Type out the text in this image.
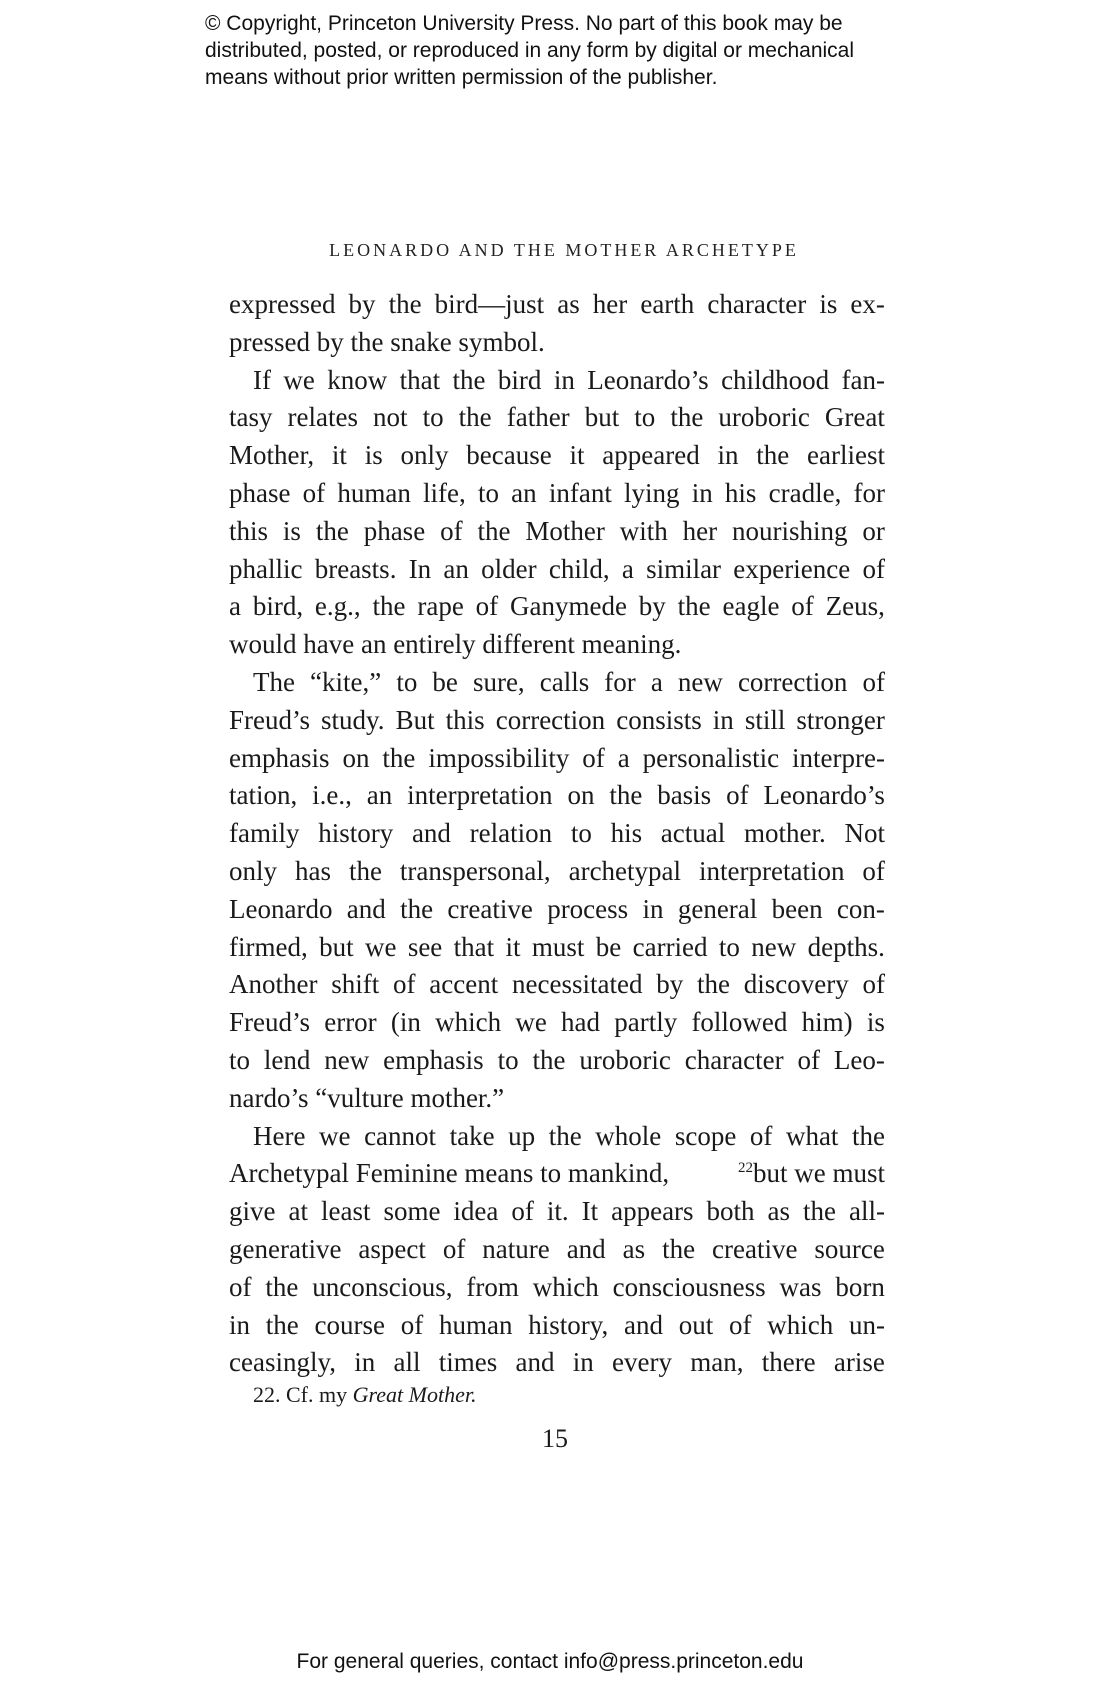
© Copyright, Princeton University Press. No part of this book may be
distributed, posted, or reproduced in any form by digital or mechanical
means without prior written permission of the publisher.
LEONARDO AND THE MOTHER ARCHETYPE
expressed by the bird—just as her earth character is ex-
pressed by the snake symbol.
If we know that the bird in Leonardo’s childhood fan-
tasy relates not to the father but to the uroboric Great
Mother, it is only because it appeared in the earliest
phase of human life, to an infant lying in his cradle, for
this is the phase of the Mother with her nourishing or
phallic breasts. In an older child, a similar experience of
a bird, e.g., the rape of Ganymede by the eagle of Zeus,
would have an entirely different meaning.
The “kite,” to be sure, calls for a new correction of
Freud’s study. But this correction consists in still stronger
emphasis on the impossibility of a personalistic interpre-
tation, i.e., an interpretation on the basis of Leonardo’s
family history and relation to his actual mother. Not
only has the transpersonal, archetypal interpretation of
Leonardo and the creative process in general been con-
firmed, but we see that it must be carried to new depths.
Another shift of accent necessitated by the discovery of
Freud’s error (in which we had partly followed him) is
to lend new emphasis to the uroboric character of Leo-
nardo’s “vulture mother.”
Here we cannot take up the whole scope of what the
Archetypal Feminine means to mankind,	$^{22}$but we must
give at least some idea of it. It appears both as the all-
generative aspect of nature and as the creative source
of the unconscious, from which consciousness was born
in the course of human history, and out of which un-
ceasingly, in all times and in every man, there arise
22. Cf. my Great Mother.
15
For general queries, contact info@press.princeton.edu
